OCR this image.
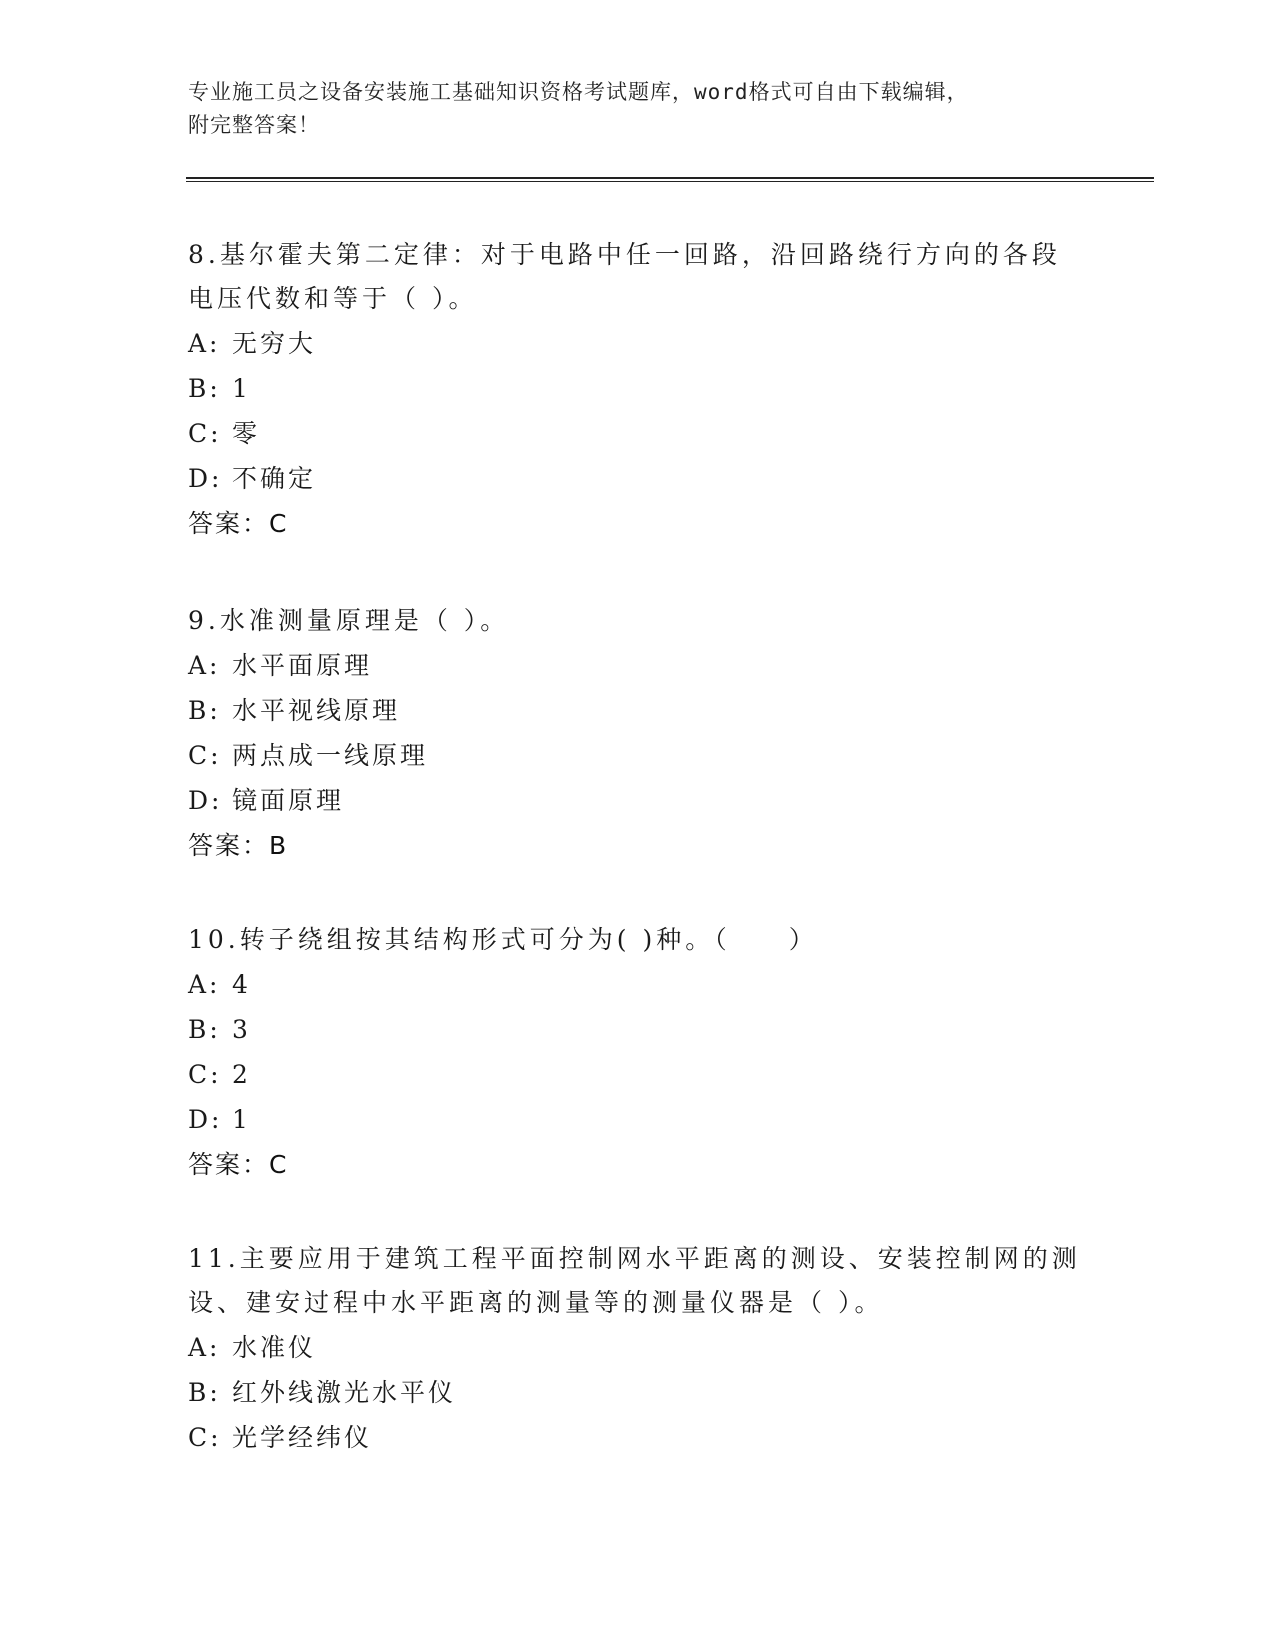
专业施工员之设备安装施工基础知识资格考试题库，word格式可自由下载编辑，
附完整答案！
8.基尔霍夫第二定律：对于电路中任一回路，沿回路绕行方向的各段
电压代数和等于（ ）。
A: 无穷大
B: 1
C: 零
D: 不确定
答案：C
9.水准测量原理是（ ）。
A: 水平面原理
B: 水平视线原理
C: 两点成一线原理
D: 镜面原理
答案：B
10.转子绕组按其结构形式可分为( )种。（　　）
A: 4
B: 3
C: 2
D: 1
答案：C
11.主要应用于建筑工程平面控制网水平距离的测设、安装控制网的测
设、建安过程中水平距离的测量等的测量仪器是（ ）。
A: 水准仪
B: 红外线激光水平仪
C: 光学经纬仪
